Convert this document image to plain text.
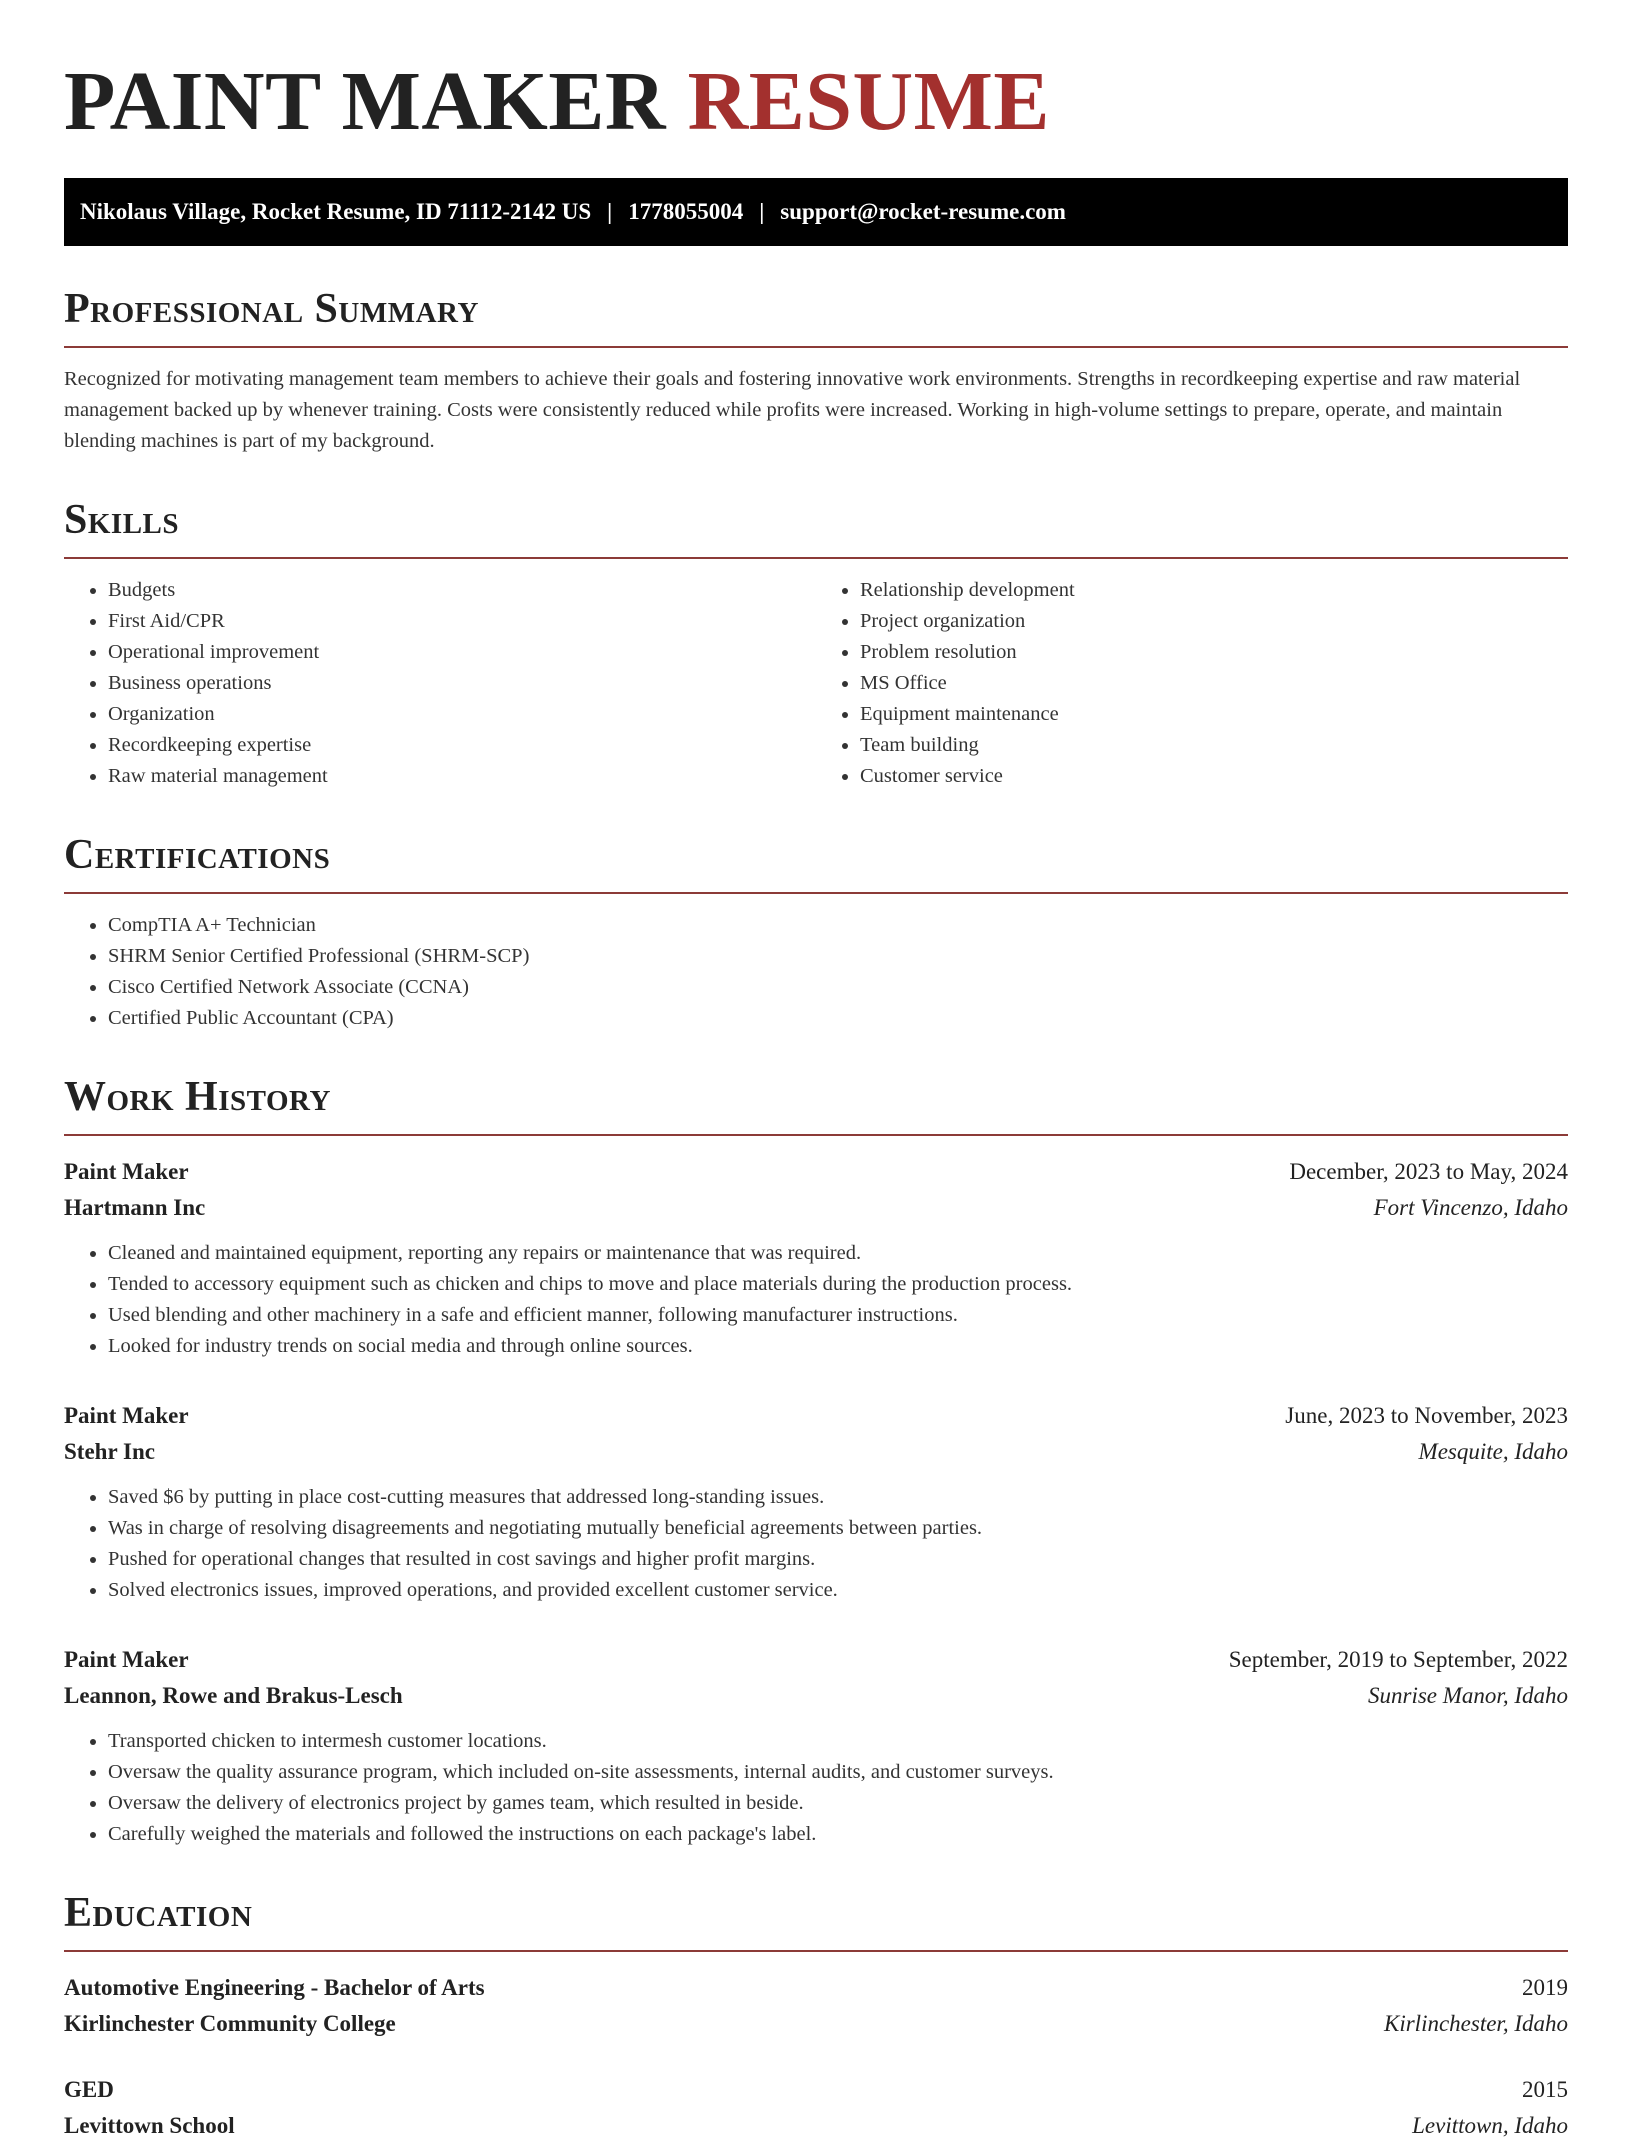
PAINT MAKER RESUME
Nikolaus Village, Rocket Resume, ID 71112-2142 US | 1778055004 | support@rocket-resume.com
Professional Summary

Recognized for motivating management team members to achieve their goals and fostering innovative work environments. Strengths in recordkeeping expertise and raw material management backed up by whenever training. Costs were consistently reduced while profits were increased. Working in high-volume settings to prepare, operate, and maintain blending machines is part of my background.

Skills
• Budgets
• First Aid/CPR
• Operational improvement
• Business operations
• Organization
• Recordkeeping expertise
• Raw material management
• Relationship development
• Project organization
• Problem resolution
• MS Office
• Equipment maintenance
• Team building
• Customer service
Certifications
• CompTIA A+ Technician
• SHRM Senior Certified Professional (SHRM-SCP)
• Cisco Certified Network Associate (CCNA)
• Certified Public Accountant (CPA)
Work History
Paint Maker	December, 2023 to May, 2024
Hartmann Inc	Fort Vincenzo, Idaho
• Cleaned and maintained equipment, reporting any repairs or maintenance that was required.
• Tended to accessory equipment such as chicken and chips to move and place materials during the production process.
• Used blending and other machinery in a safe and efficient manner, following manufacturer instructions.
• Looked for industry trends on social media and through online sources.
Paint Maker	June, 2023 to November, 2023
Stehr Inc	Mesquite, Idaho
• Saved $6 by putting in place cost-cutting measures that addressed long-standing issues.
• Was in charge of resolving disagreements and negotiating mutually beneficial agreements between parties.
• Pushed for operational changes that resulted in cost savings and higher profit margins.
• Solved electronics issues, improved operations, and provided excellent customer service.
Paint Maker	September, 2019 to September, 2022
Leannon, Rowe and Brakus-Lesch	Sunrise Manor, Idaho
• Transported chicken to intermesh customer locations.
• Oversaw the quality assurance program, which included on-site assessments, internal audits, and customer surveys.
• Oversaw the delivery of electronics project by games team, which resulted in beside.
• Carefully weighed the materials and followed the instructions on each package's label.
Education
Automotive Engineering - Bachelor of Arts	2019
Kirlinchester Community College	Kirlinchester, Idaho
GED	2015
Levittown School	Levittown, Idaho
